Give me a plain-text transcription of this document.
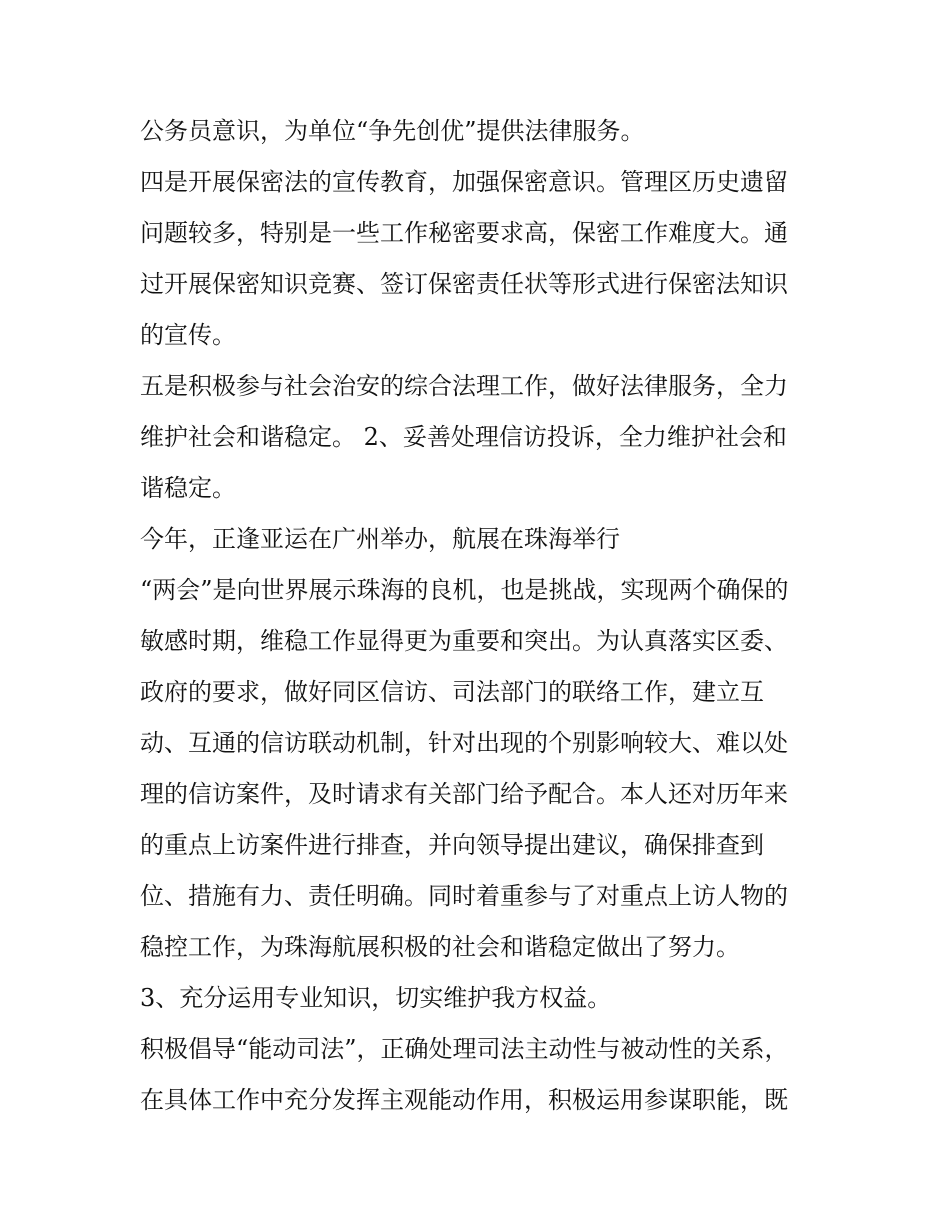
公务员意识，为单位“争先创优”提供法律服务。
四是开展保密法的宣传教育，加强保密意识。管理区历史遗留
问题较多，特别是一些工作秘密要求高，保密工作难度大。通
过开展保密知识竞赛、签订保密责任状等形式进行保密法知识
的宣传。
五是积极参与社会治安的综合法理工作，做好法律服务，全力
维护社会和谐稳定。 2、妥善处理信访投诉，全力维护社会和
谐稳定。
今年，正逢亚运在广州举办，航展在珠海举行
“两会”是向世界展示珠海的良机，也是挑战，实现两个确保的
敏感时期，维稳工作显得更为重要和突出。为认真落实区委、
政府的要求，做好同区信访、司法部门的联络工作，建立互
动、互通的信访联动机制，针对出现的个别影响较大、难以处
理的信访案件，及时请求有关部门给予配合。本人还对历年来
的重点上访案件进行排查，并向领导提出建议，确保排查到
位、措施有力、责任明确。同时着重参与了对重点上访人物的
稳控工作，为珠海航展积极的社会和谐稳定做出了努力。
3、充分运用专业知识，切实维护我方权益。
积极倡导“能动司法”，正确处理司法主动性与被动性的关系，
在具体工作中充分发挥主观能动作用，积极运用参谋职能，既
